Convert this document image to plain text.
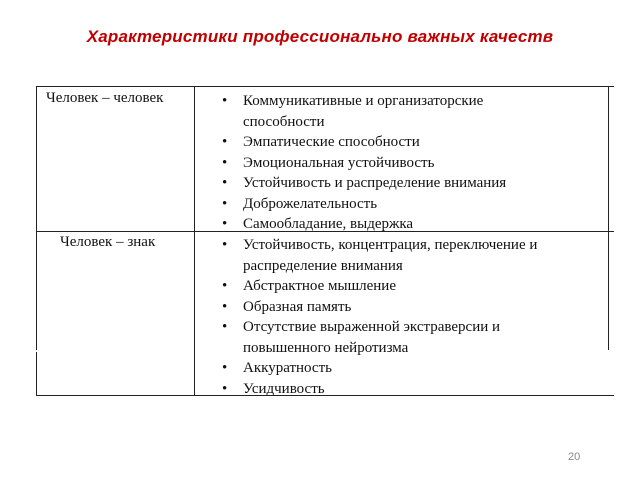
Характеристики профессионально важных качеств
Человек – человек	• Коммуникативные и организаторские
способности
• Эмпатические способности
• Эмоциональная устойчивость
• Устойчивость и распределение внимания
• Доброжелательность
• Самообладание, выдержка
Человек – знак	• Устойчивость, концентрация, переключение и
распределение внимания
• Абстрактное мышление
• Образная память
• Отсутствие выраженной экстраверсии и
повышенного нейротизма
• Аккуратность
• Усидчивость
20
